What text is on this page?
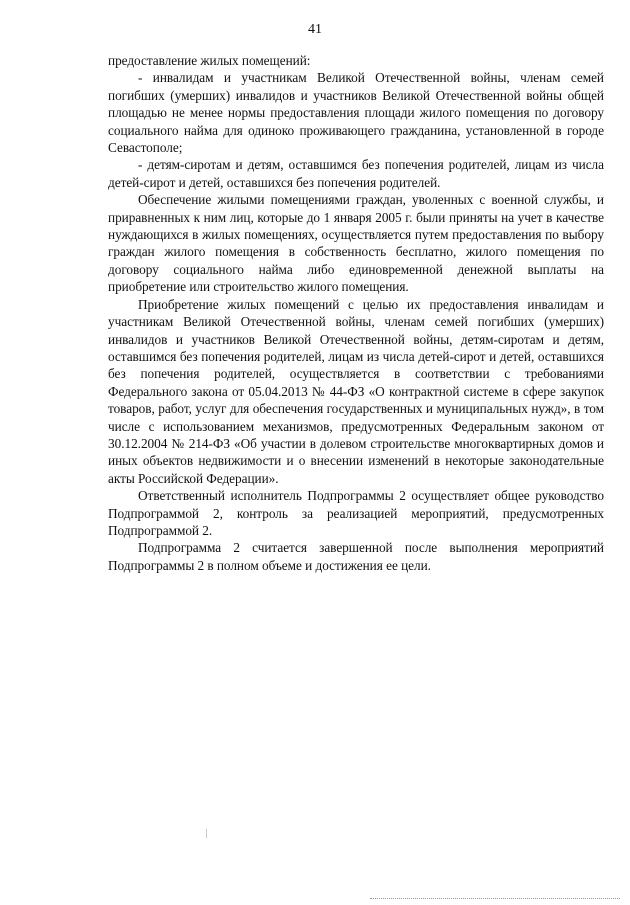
41

предоставление жилых помещений:

- инвалидам и участникам Великой Отечественной войны, членам семей погибших (умерших) инвалидов и участников Великой Отечественной войны общей площадью не менее нормы предоставления площади жилого помещения по договору социального найма для одиноко проживающего гражданина, установленной в городе Севастополе;

- детям-сиротам и детям, оставшимся без попечения родителей, лицам из числа детей-сирот и детей, оставшихся без попечения родителей.

Обеспечение жилыми помещениями граждан, уволенных с военной службы, и приравненных к ним лиц, которые до 1 января 2005 г. были приняты на учет в качестве нуждающихся в жилых помещениях, осуществляется путем предоставления по выбору граждан жилого помещения в собственность бесплатно, жилого помещения по договору социального найма либо единовременной денежной выплаты на приобретение или строительство жилого помещения.

Приобретение жилых помещений с целью их предоставления инвалидам и участникам Великой Отечественной войны, членам семей погибших (умерших) инвалидов и участников Великой Отечественной войны, детям-сиротам и детям, оставшимся без попечения родителей, лицам из числа детей-сирот и детей, оставшихся без попечения родителей, осуществляется в соответствии с требованиями Федерального закона от 05.04.2013 № 44-ФЗ «О контрактной системе в сфере закупок товаров, работ, услуг для обеспечения государственных и муниципальных нужд», в том числе с использованием механизмов, предусмотренных Федеральным законом от 30.12.2004 № 214-ФЗ «Об участии в долевом строительстве многоквартирных домов и иных объектов недвижимости и о внесении изменений в некоторые законодательные акты Российской Федерации».

Ответственный исполнитель Подпрограммы 2 осуществляет общее руководство Подпрограммой 2, контроль за реализацией мероприятий, предусмотренных Подпрограммой 2.

Подпрограмма 2 считается завершенной после выполнения мероприятий Подпрограммы 2 в полном объеме и достижения ее цели.
